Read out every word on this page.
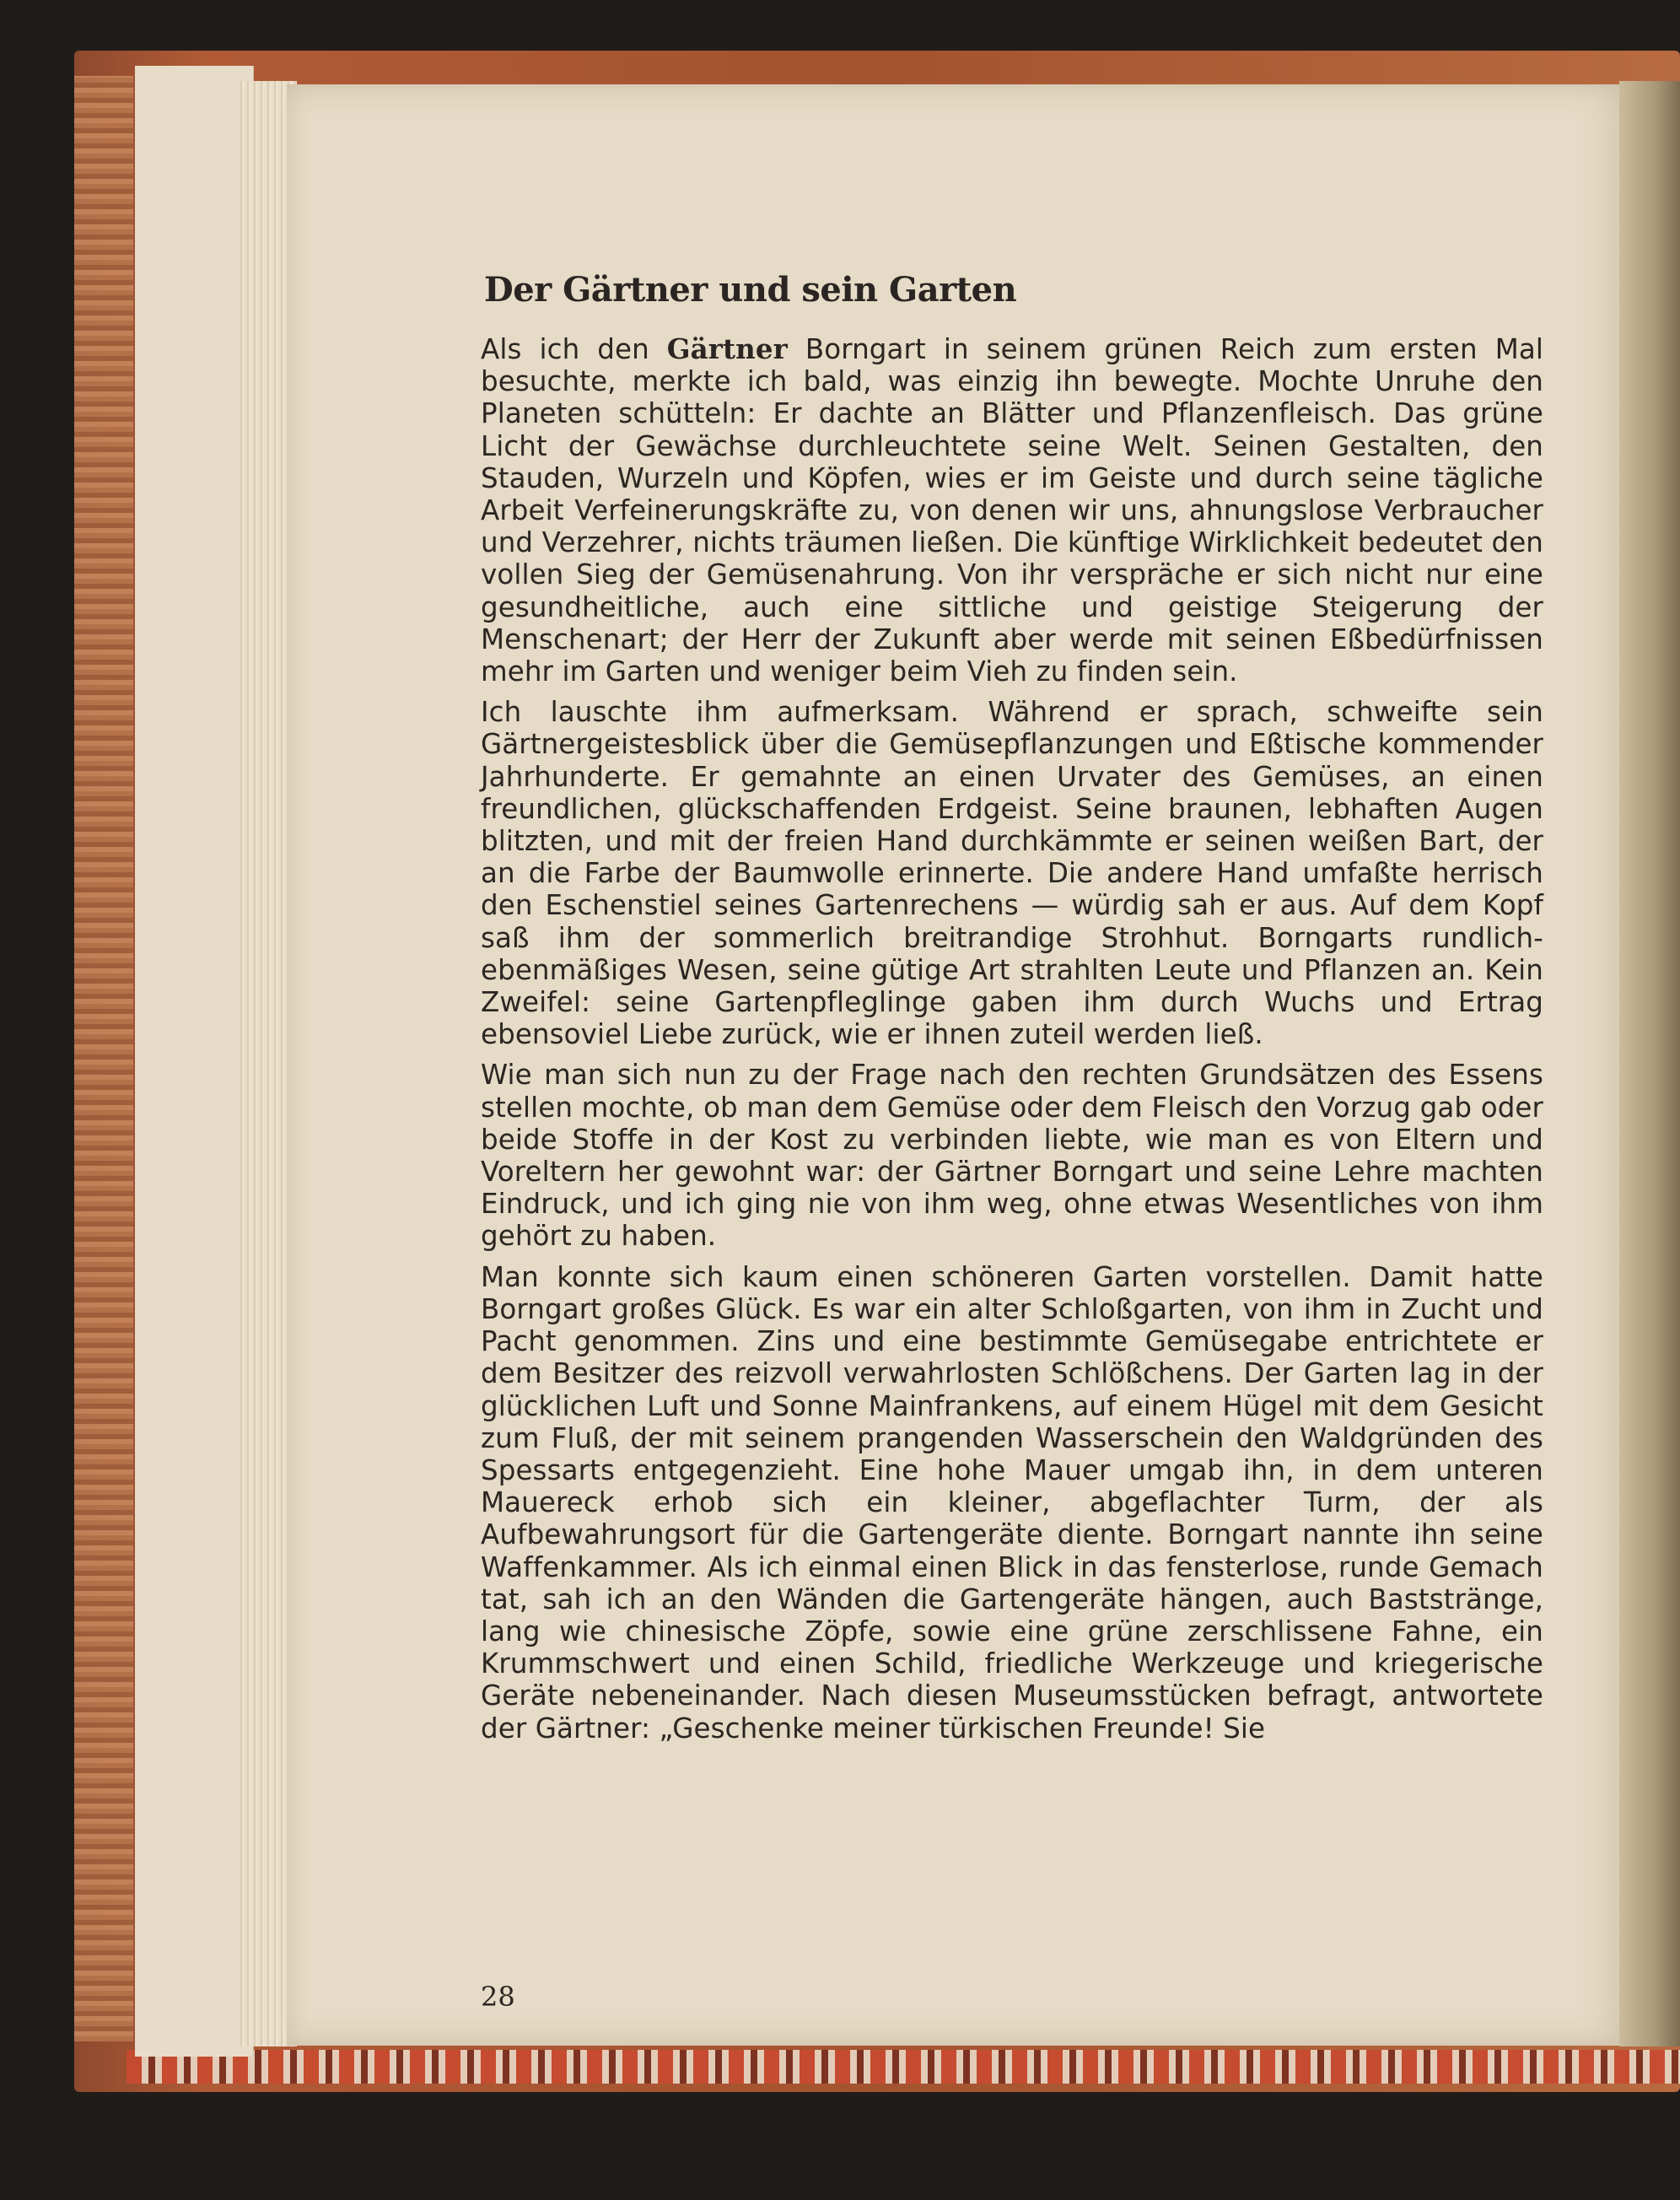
Der Gärtner und sein Garten

Als ich den Gärtner Borngart in seinem grünen Reich zum ersten Mal besuchte, merkte ich bald, was einzig ihn bewegte. Mochte Unruhe den Planeten schütteln: Er dachte an Blätter und Pflanzenfleisch. Das grüne Licht der Gewächse durchleuchtete seine Welt. Seinen Gestalten, den Stauden, Wurzeln und Köpfen, wies er im Geiste und durch seine tägliche Arbeit Verfeinerungskräfte zu, von denen wir uns, ahnungslose Verbraucher und Verzehrer, nichts träumen ließen. Die künftige Wirklichkeit bedeutet den vollen Sieg der Gemüsenahrung. Von ihr verspräche er sich nicht nur eine gesundheitliche, auch eine sittliche und geistige Steigerung der Menschenart; der Herr der Zukunft aber werde mit seinen Eßbedürfnissen mehr im Garten und weniger beim Vieh zu finden sein.

Ich lauschte ihm aufmerksam. Während er sprach, schweifte sein Gärtnergeistesblick über die Gemüsepflanzungen und Eßtische kommender Jahrhunderte. Er gemahnte an einen Urvater des Gemüses, an einen freundlichen, glückschaffenden Erdgeist. Seine braunen, lebhaften Augen blitzten, und mit der freien Hand durchkämmte er seinen weißen Bart, der an die Farbe der Baumwolle erinnerte. Die andere Hand umfaßte herrisch den Eschenstiel seines Gartenrechens — würdig sah er aus. Auf dem Kopf saß ihm der sommerlich breitrandige Strohhut. Borngarts rundlich-ebenmäßiges Wesen, seine gütige Art strahlten Leute und Pflanzen an. Kein Zweifel: seine Gartenpfleglinge gaben ihm durch Wuchs und Ertrag ebensoviel Liebe zurück, wie er ihnen zuteil werden ließ.

Wie man sich nun zu der Frage nach den rechten Grundsätzen des Essens stellen mochte, ob man dem Gemüse oder dem Fleisch den Vorzug gab oder beide Stoffe in der Kost zu verbinden liebte, wie man es von Eltern und Voreltern her gewohnt war: der Gärtner Borngart und seine Lehre machten Eindruck, und ich ging nie von ihm weg, ohne etwas Wesentliches von ihm gehört zu haben.

Man konnte sich kaum einen schöneren Garten vorstellen. Damit hatte Borngart großes Glück. Es war ein alter Schloßgarten, von ihm in Zucht und Pacht genommen. Zins und eine bestimmte Gemüsegabe entrichtete er dem Besitzer des reizvoll verwahrlosten Schlößchens. Der Garten lag in der glücklichen Luft und Sonne Mainfrankens, auf einem Hügel mit dem Gesicht zum Fluß, der mit seinem prangenden Wasserschein den Waldgründen des Spessarts entgegenzieht. Eine hohe Mauer umgab ihn, in dem unteren Mauereck erhob sich ein kleiner, abgeflachter Turm, der als Aufbewahrungsort für die Gartengeräte diente. Borngart nannte ihn seine Waffenkammer. Als ich einmal einen Blick in das fensterlose, runde Gemach tat, sah ich an den Wänden die Gartengeräte hängen, auch Baststränge, lang wie chinesische Zöpfe, sowie eine grüne zerschlissene Fahne, ein Krummschwert und einen Schild, friedliche Werkzeuge und kriegerische Geräte nebeneinander. Nach diesen Museumsstücken befragt, antwortete der Gärtner: „Geschenke meiner türkischen Freunde! Sie

28
